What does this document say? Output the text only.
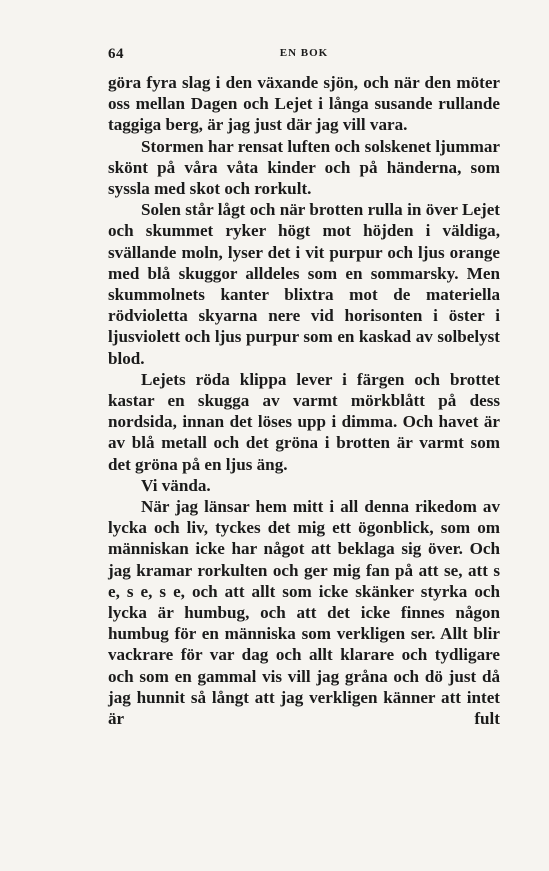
64	EN BOK

göra fyra slag i den växande sjön, och när den möter oss mellan Dagen och Lejet i långa susande rullande taggiga berg, är jag just där jag vill vara.

Stormen har rensat luften och solskenet ljummar skönt på våra våta kinder och på händerna, som syssla med skot och rorkult.

Solen står lågt och när brotten rulla in över Lejet och skummet ryker högt mot höjden i väldiga, svällande moln, lyser det i vit purpur och ljus orange med blå skuggor alldeles som en sommarsky. Men skummolnets kanter blixtra mot de materiella rödvioletta skyarna nere vid horisonten i öster i ljusviolett och ljus purpur som en kaskad av solbelyst blod.

Lejets röda klippa lever i färgen och brottet kastar en skugga av varmt mörkblått på dess nordsida, innan det löses upp i dimma. Och havet är av blå metall och det gröna i brotten är varmt som det gröna på en ljus äng.

Vi vända.

När jag länsar hem mitt i all denna rikedom av lycka och liv, tyckes det mig ett ögonblick, som om människan icke har något att beklaga sig över. Och jag kramar rorkulten och ger mig fan på att se, att s e, s e, s e, och att allt som icke skänker styrka och lycka är humbug, och att det icke finnes någon humbug för en människa som verkligen ser. Allt blir vackrare för var dag och allt klarare och tydligare och som en gammal vis vill jag gråna och dö just då jag hunnit så långt att jag verkligen känner att intet är fult
